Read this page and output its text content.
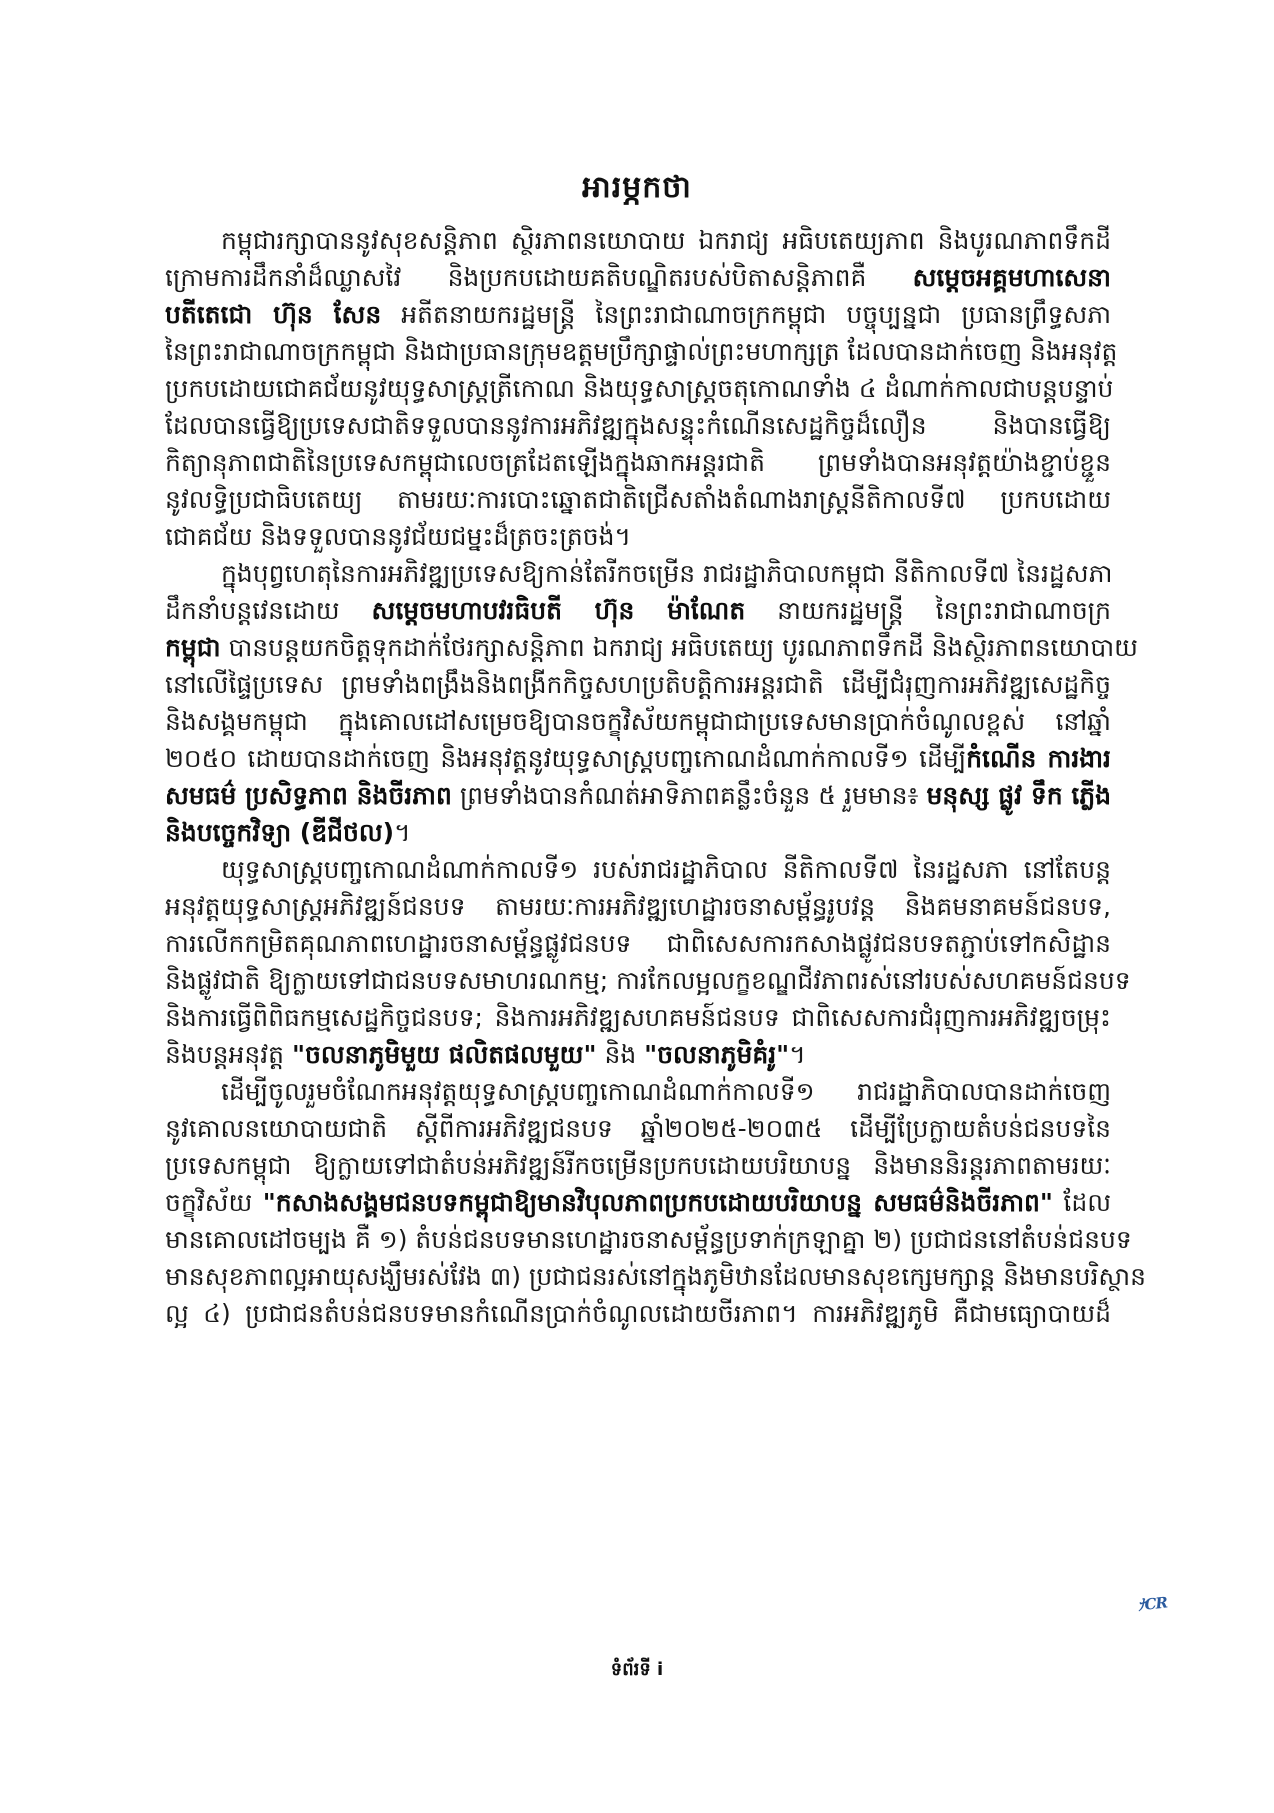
អារម្ភកថា
កម្ពុជារក្សាបាននូវសុខសន្តិភាព ស្ថិរភាពនយោបាយ ឯករាជ្យ អធិបតេយ្យភាព និងបូរណភាពទឹកដី
ក្រោមការដឹកនាំដ៏ឈ្លាសវៃ និងប្រកបដោយគតិបណ្ឌិតរបស់បិតាសន្តិភាពគឺ សម្តេចអគ្គមហាសេនា
បតីតេជោ ហ៊ុន សែន អតីតនាយករដ្ឋមន្ត្រី នៃព្រះរាជាណាចក្រកម្ពុជា បច្ចុប្បន្នជា ប្រធានព្រឹទ្ធសភា
នៃព្រះរាជាណាចក្រកម្ពុជា និងជាប្រធានក្រុមឧត្តមប្រឹក្សាផ្ទាល់ព្រះមហាក្សត្រ ដែលបានដាក់ចេញ និងអនុវត្ត
ប្រកបដោយជោគជ័យនូវយុទ្ធសាស្ត្រត្រីកោណ និងយុទ្ធសាស្ត្រចតុកោណទាំង ៤ ដំណាក់កាលជាបន្តបន្ទាប់
ដែលបានធ្វើឱ្យប្រទេសជាតិទទួលបាននូវការអភិវឌ្ឍក្នុងសន្ទុះកំណើនសេដ្ឋកិច្ចដ៏លឿន និងបានធ្វើឱ្យ
កិត្យានុភាពជាតិនៃប្រទេសកម្ពុជាលេចត្រដែតឡើងក្នុងឆាកអន្តរជាតិ ព្រមទាំងបានអនុវត្តយ៉ាងខ្ជាប់ខ្ជួន
នូវលទ្ធិប្រជាធិបតេយ្យ តាមរយៈការបោះឆ្នោតជាតិជ្រើសតាំងតំណាងរាស្ត្រនីតិកាលទី៧ ប្រកបដោយ
ជោគជ័យ និងទទួលបាននូវជ័យជម្នះដ៏ត្រចះត្រចង់។
ក្នុងបុព្វហេតុនៃការអភិវឌ្ឍប្រទេសឱ្យកាន់តែរីកចម្រើន រាជរដ្ឋាភិបាលកម្ពុជា នីតិកាលទី៧ នៃរដ្ឋសភា
ដឹកនាំបន្តវេនដោយ សម្តេចមហាបវរធិបតី ហ៊ុន ម៉ាណែត នាយករដ្ឋមន្ត្រី នៃព្រះរាជាណាចក្រ
កម្ពុជា បានបន្តយកចិត្តទុកដាក់ថែរក្សាសន្តិភាព ឯករាជ្យ អធិបតេយ្យ បូរណភាពទឹកដី និងស្ថិរភាពនយោបាយ
នៅលើផ្ទៃប្រទេស ព្រមទាំងពង្រឹងនិងពង្រីកកិច្ចសហប្រតិបត្តិការអន្តរជាតិ ដើម្បីជំរុញការអភិវឌ្ឍសេដ្ឋកិច្ច
និងសង្គមកម្ពុជា ក្នុងគោលដៅសម្រេចឱ្យបានចក្ខុវិស័យកម្ពុជាជាប្រទេសមានប្រាក់ចំណូលខ្ពស់ នៅឆ្នាំ
២០៥០ ដោយបានដាក់ចេញ និងអនុវត្តនូវយុទ្ធសាស្ត្របញ្ចកោណដំណាក់កាលទី១ ដើម្បីកំណើន ការងារ
សមធម៌ ប្រសិទ្ធភាព និងចីរភាព ព្រមទាំងបានកំណត់អាទិភាពគន្លឹះចំនួន ៥ រួមមាន៖ មនុស្ស ផ្លូវ ទឹក ភ្លើង
និងបច្ចេកវិទ្យា (ឌីជីថល)។
យុទ្ធសាស្ត្របញ្ចកោណដំណាក់កាលទី១ របស់រាជរដ្ឋាភិបាល នីតិកាលទី៧ នៃរដ្ឋសភា នៅតែបន្ត
អនុវត្តយុទ្ធសាស្ត្រអភិវឌ្ឍន៍ជនបទ តាមរយៈការអភិវឌ្ឍហេដ្ឋារចនាសម្ព័ន្ធរូបវន្ត និងគមនាគមន៍ជនបទ,
ការលើកកម្រិតគុណភាពហេដ្ឋារចនាសម្ព័ន្ធផ្លូវជនបទ ជាពិសេសការកសាងផ្លូវជនបទតភ្ជាប់ទៅកសិដ្ឋាន
និងផ្លូវជាតិ ឱ្យក្លាយទៅជាជនបទសមាហរណកម្ម; ការកែលម្អលក្ខខណ្ឌជីវភាពរស់នៅរបស់សហគមន៍ជនបទ
និងការធ្វើពិពិធកម្មសេដ្ឋកិច្ចជនបទ; និងការអភិវឌ្ឍសហគមន៍ជនបទ ជាពិសេសការជំរុញការអភិវឌ្ឍចម្រុះ
និងបន្តអនុវត្ត "ចលនាភូមិមួយ ផលិតផលមួយ" និង "ចលនាភូមិគំរូ"។
ដើម្បីចូលរួមចំណែកអនុវត្តយុទ្ធសាស្ត្របញ្ចកោណដំណាក់កាលទី១ រាជរដ្ឋាភិបាលបានដាក់ចេញ
នូវគោលនយោបាយជាតិ ស្តីពីការអភិវឌ្ឍជនបទ ឆ្នាំ២០២៥-២០៣៥ ដើម្បីប្រែក្លាយតំបន់ជនបទនៃ
ប្រទេសកម្ពុជា ឱ្យក្លាយទៅជាតំបន់អភិវឌ្ឍន៍រីកចម្រើនប្រកបដោយបរិយាបន្ន និងមាននិរន្តរភាពតាមរយៈ
ចក្ខុវិស័យ "កសាងសង្គមជនបទកម្ពុជាឱ្យមានវិបុលភាពប្រកបដោយបរិយាបន្ន សមធម៌និងចីរភាព" ដែល
មានគោលដៅចម្បង គឺ ១) តំបន់ជនបទមានហេដ្ឋារចនាសម្ព័ន្ធប្រទាក់ក្រឡាគ្នា ២) ប្រជាជននៅតំបន់ជនបទ
មានសុខភាពល្អអាយុសង្ឃឹមរស់វែង ៣) ប្រជាជនរស់នៅក្នុងភូមិឋានដែលមានសុខក្សេមក្សាន្ត និងមានបរិស្ថាន
ល្អ ៤) ប្រជាជនតំបន់ជនបទមានកំណើនប្រាក់ចំណូលដោយចីរភាព។ ការអភិវឌ្ឍភូមិ គឺជាមធ្យោបាយដ៏
ﾅCR
ទំព័រទី i
